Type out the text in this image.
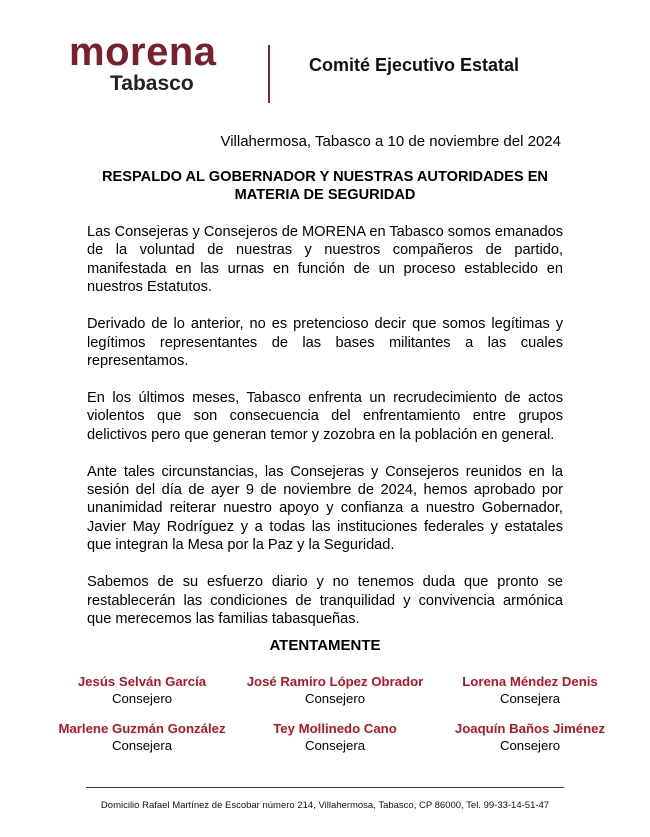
morena
Tabasco
Comité Ejecutivo Estatal
Villahermosa, Tabasco a 10 de noviembre del 2024
RESPALDO AL GOBERNADOR Y NUESTRAS AUTORIDADES EN
MATERIA DE SEGURIDAD

Las Consejeras y Consejeros de MORENA en Tabasco somos emanados de la voluntad de nuestras y nuestros compañeros de partido, manifestada en las urnas en función de un proceso establecido en nuestros Estatutos.

Derivado de lo anterior, no es pretencioso decir que somos legítimas y legítimos representantes de las bases militantes a las cuales representamos.

En los últimos meses, Tabasco enfrenta un recrudecimiento de actos violentos que son consecuencia del enfrentamiento entre grupos delictivos pero que generan temor y zozobra en la población en general.

Ante tales circunstancias, las Consejeras y Consejeros reunidos en la sesión del día de ayer 9 de noviembre de 2024, hemos aprobado por unanimidad reiterar nuestro apoyo y confianza a nuestro Gobernador, Javier May Rodríguez y a todas las instituciones federales y estatales que integran la Mesa por la Paz y la Seguridad.

Sabemos de su esfuerzo diario y no tenemos duda que pronto se restablecerán las condiciones de tranquilidad y convivencia armónica que merecemos las familias tabasqueñas.

ATENTAMENTE
Jesús Selván García
Consejero
José Ramiro López Obrador
Consejero
Lorena Méndez Denis
Consejera
Marlene Guzmán González
Consejera
Tey Mollinedo Cano
Consejera
Joaquín Baños Jiménez
Consejero
Domicilio Rafael Martínez de Escobar número 214, Villahermosa, Tabasco, CP 86000, Tel. 99-33-14-51-47
